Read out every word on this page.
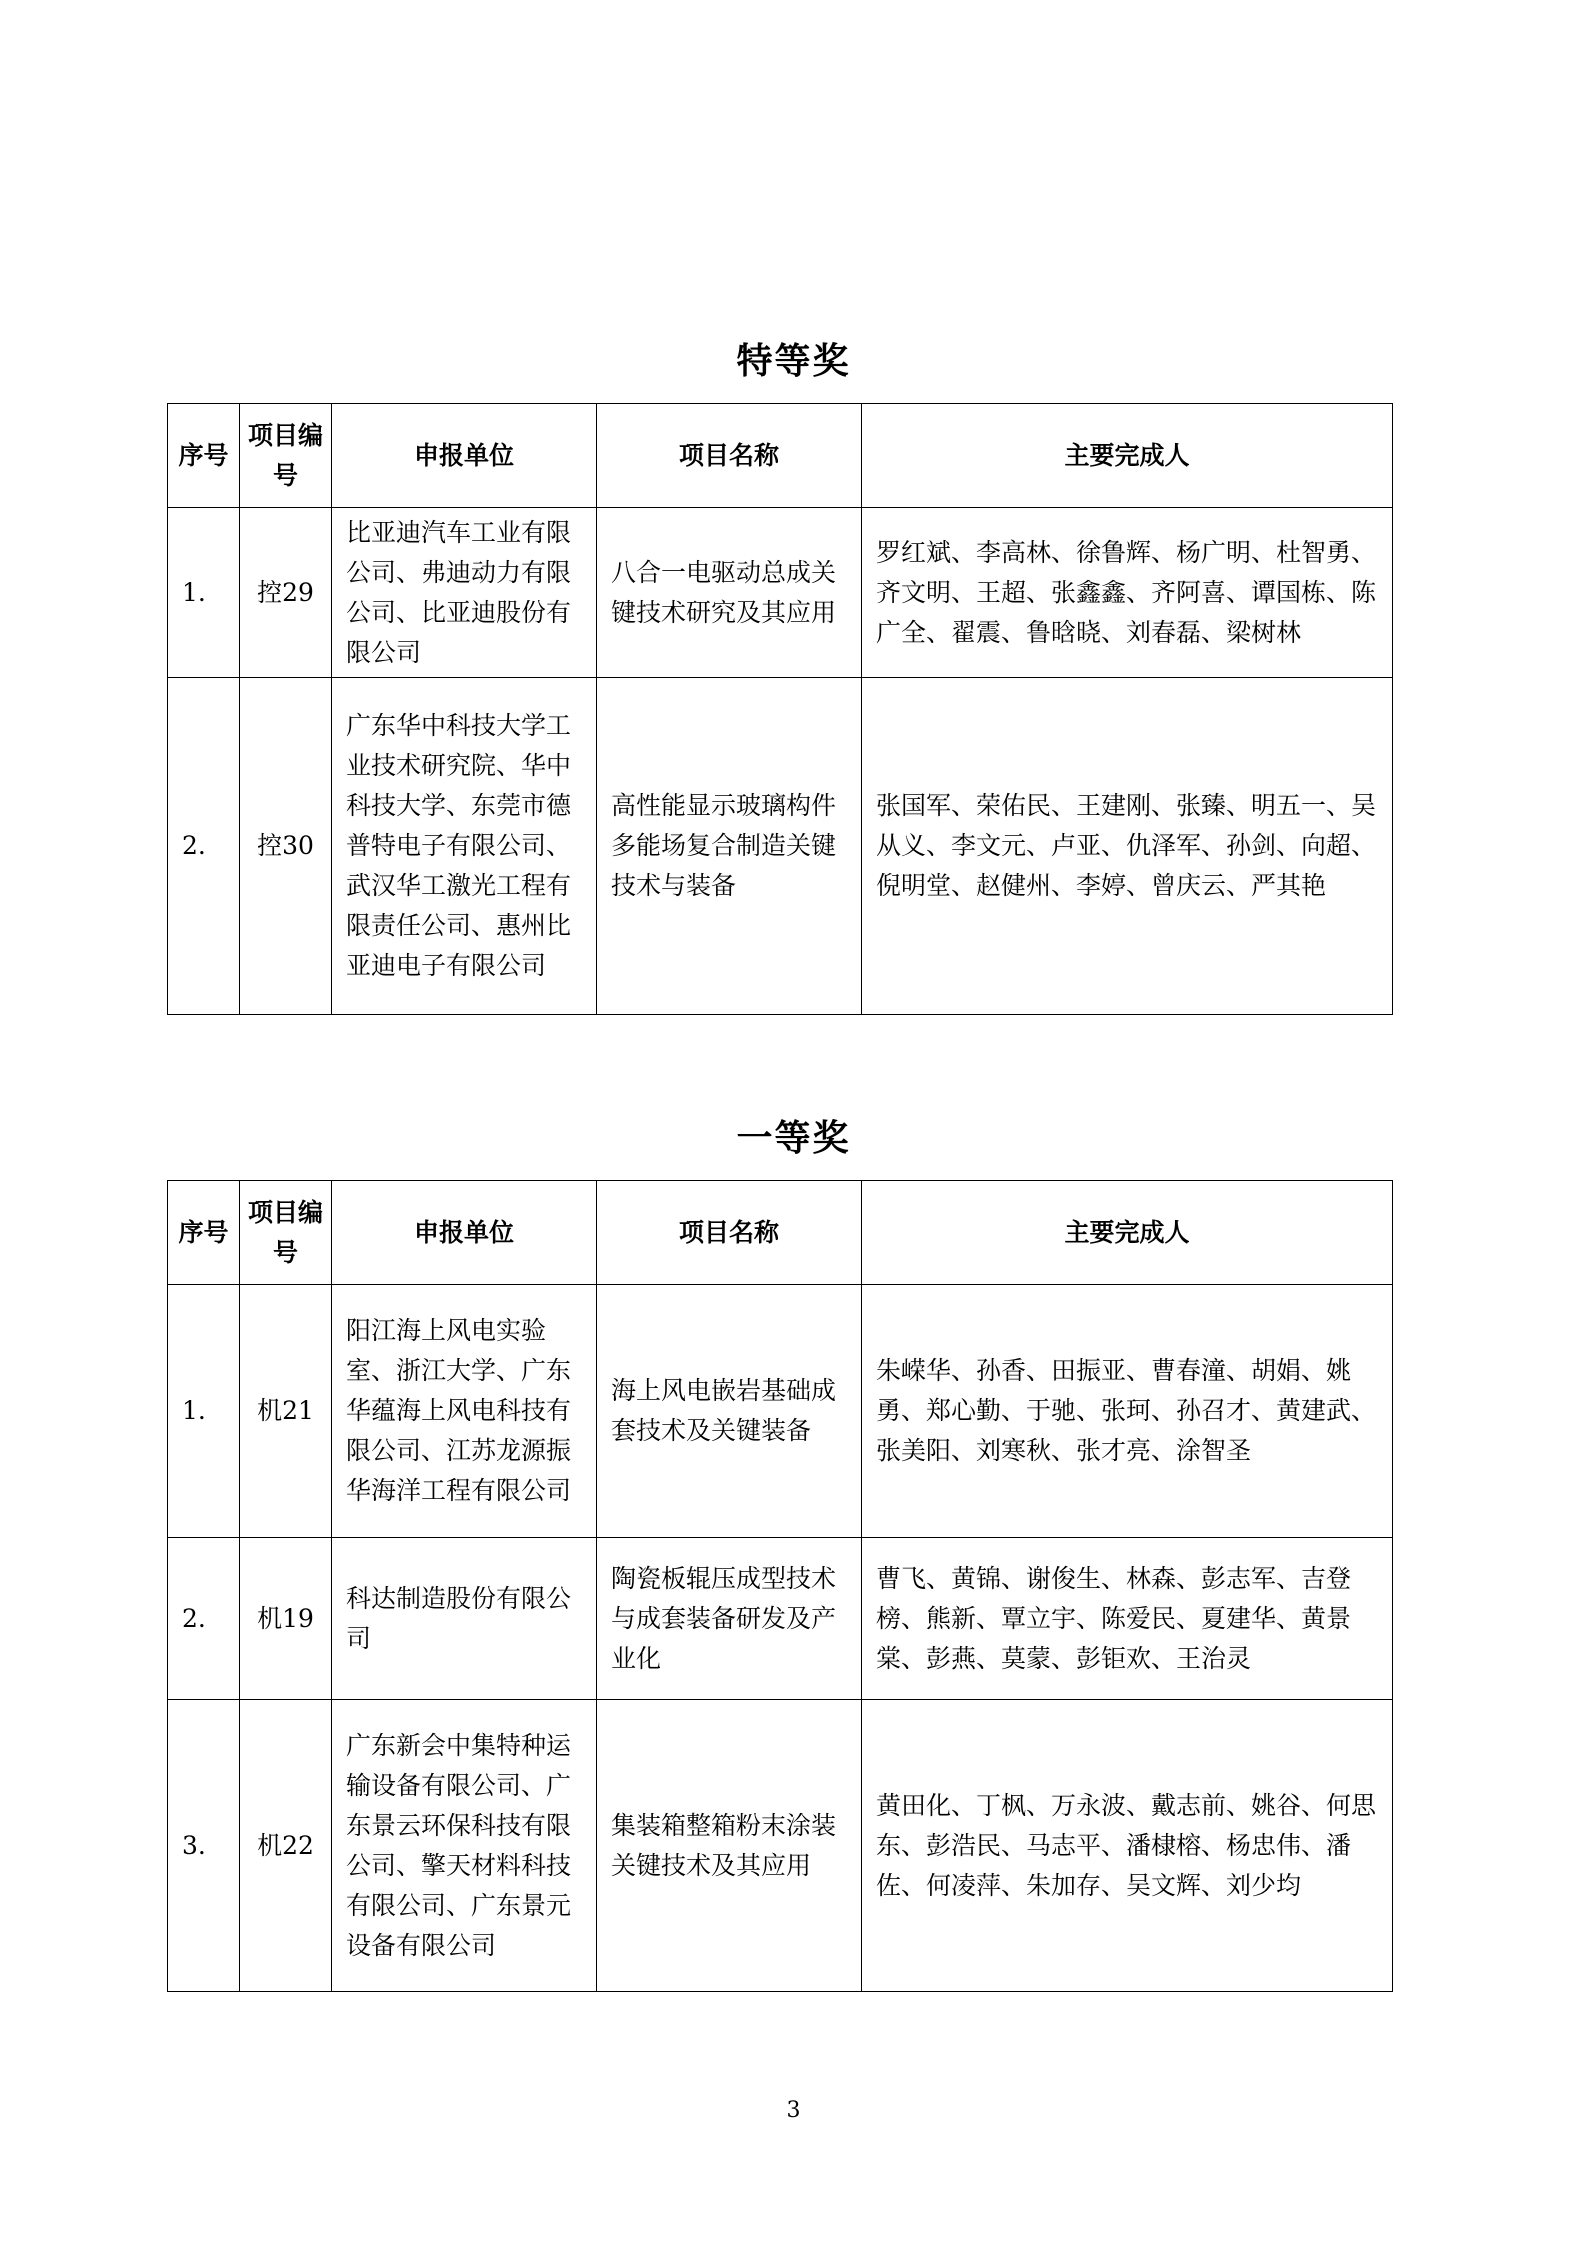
特等奖
序号	项目编号	申报单位	项目名称	主要完成人
1.	控29	比亚迪汽车工业有限公司、弗迪动力有限公司、比亚迪股份有限公司	八合一电驱动总成关键技术研究及其应用	罗红斌、李高林、徐鲁辉、杨广明、杜智勇、齐文明、王超、张鑫鑫、齐阿喜、谭国栋、陈广全、翟震、鲁晗晓、刘春磊、梁树林
2.	控30	广东华中科技大学工业技术研究院、华中科技大学、东莞市德普特电子有限公司、武汉华工激光工程有限责任公司、惠州比亚迪电子有限公司	高性能显示玻璃构件多能场复合制造关键技术与装备	张国军、荣佑民、王建刚、张臻、明五一、吴从义、李文元、卢亚、仇泽军、孙剑、向超、倪明堂、赵健州、李婷、曾庆云、严其艳
一等奖
序号	项目编号	申报单位	项目名称	主要完成人
1.	机21	阳江海上风电实验室、浙江大学、广东华蕴海上风电科技有限公司、江苏龙源振华海洋工程有限公司	海上风电嵌岩基础成套技术及关键装备	朱嵘华、孙香、田振亚、曹春潼、胡娟、姚勇、郑心勤、于驰、张珂、孙召才、黄建武、张美阳、刘寒秋、张才亮、涂智圣
2.	机19	科达制造股份有限公司	陶瓷板辊压成型技术与成套装备研发及产业化	曹飞、黄锦、谢俊生、林森、彭志军、吉登榜、熊新、覃立宇、陈爱民、夏建华、黄景棠、彭燕、莫蒙、彭钜欢、王治灵
3.	机22	广东新会中集特种运输设备有限公司、广东景云环保科技有限公司、擎天材料科技有限公司、广东景元设备有限公司	集装箱整箱粉末涂装关键技术及其应用	黄田化、丁枫、万永波、戴志前、姚谷、何思东、彭浩民、马志平、潘棣榕、杨忠伟、潘佐、何凌萍、朱加存、吴文辉、刘少均
3
